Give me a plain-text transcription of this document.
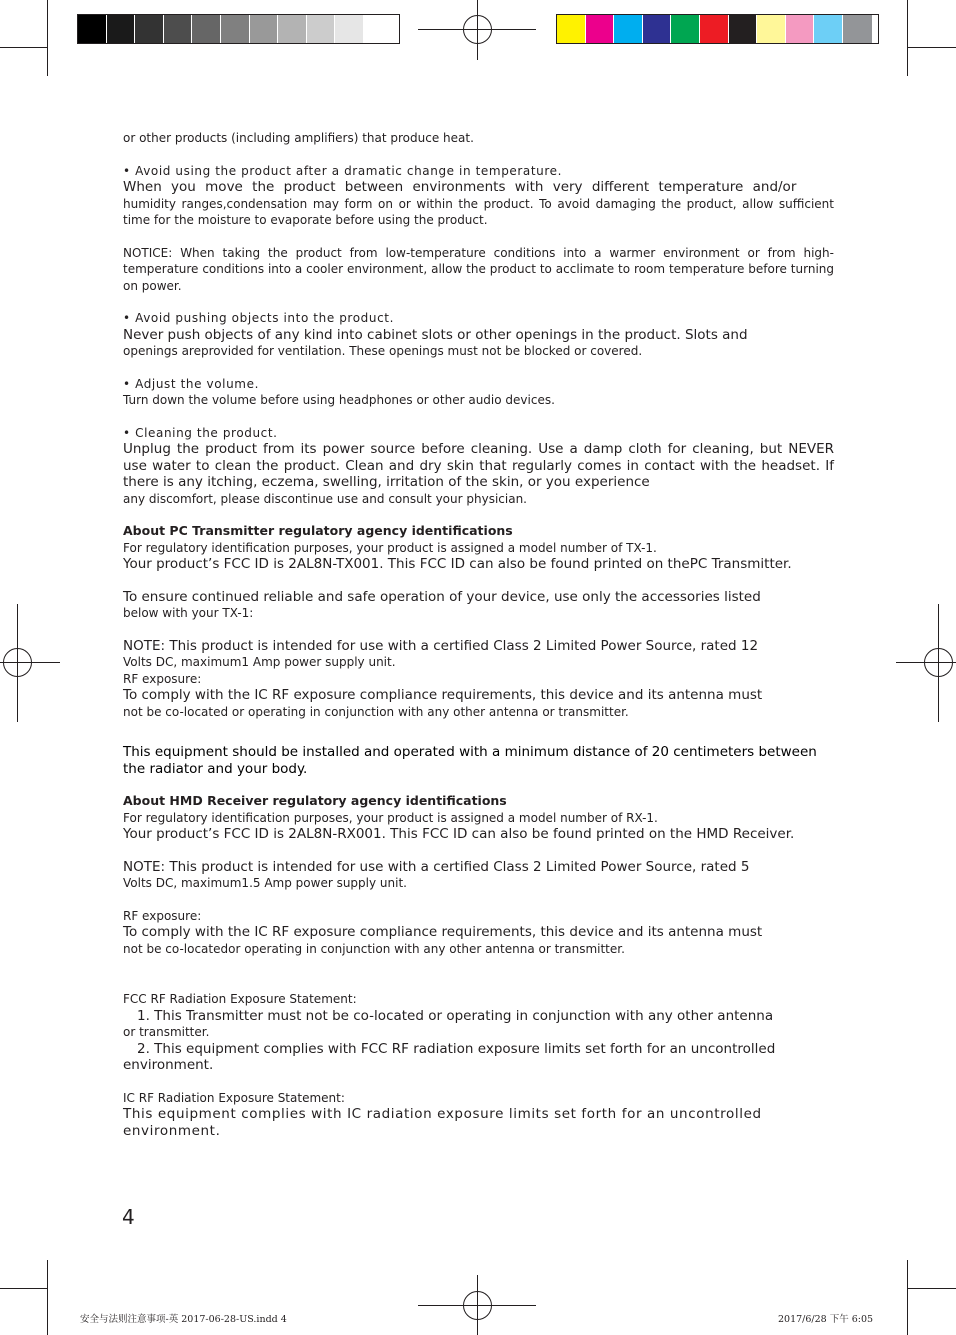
or other products (including amplifiers) that produce heat.

• Avoid using the product after a dramatic change in temperature.

When you move the product between environments with very different temperature and/or

humidity ranges,condensation may form on or within the product. To avoid damaging the product, allow sufficient time for the moisture to evaporate before using the product.

NOTICE: When taking the product from low-temperature conditions into a warmer environment or from high-temperature conditions into a cooler environment, allow the product to acclimate to room temperature before turning on power.

• Avoid pushing objects into the product.

Never push objects of any kind into cabinet slots or other openings in the product. Slots and

openings areprovided for ventilation. These openings must not be blocked or covered.

• Adjust the volume.

Turn down the volume before using headphones or other audio devices.

• Cleaning the product.

Unplug the product from its power source before cleaning. Use a damp cloth for cleaning, but NEVER use water to clean the product. Clean and dry skin that regularly comes in contact with the headset. If there is any itching, eczema, swelling, irritation of the skin, or you experience

any discomfort, please discontinue use and consult your physician.

About PC Transmitter regulatory agency identifications

For regulatory identification purposes, your product is assigned a model number of TX-1.

Your product’s FCC ID is 2AL8N-TX001. This FCC ID can also be found printed on thePC Transmitter.

To ensure continued reliable and safe operation of your device, use only the accessories listed

below with your TX-1:

NOTE: This product is intended for use with a certified Class 2 Limited Power Source, rated 12

Volts DC, maximum1 Amp power supply unit.

RF exposure:

To comply with the IC RF exposure compliance requirements, this device and its antenna must

not be co-located or operating in conjunction with any other antenna or transmitter.

This equipment should be installed and operated with a minimum distance of 20 centimeters between the radiator and your body.

About HMD Receiver regulatory agency identifications

For regulatory identification purposes, your product is assigned a model number of RX-1.

Your product’s FCC ID is 2AL8N-RX001. This FCC ID can also be found printed on the HMD Receiver.

NOTE: This product is intended for use with a certified Class 2 Limited Power Source, rated 5

Volts DC, maximum1.5 Amp power supply unit.

RF exposure:

To comply with the IC RF exposure compliance requirements, this device and its antenna must

not be co-locatedor operating in conjunction with any other antenna or transmitter.

FCC RF Radiation Exposure Statement:

1. This Transmitter must not be co-located or operating in conjunction with any other antenna

or transmitter.

2. This equipment complies with FCC RF radiation exposure limits set forth for an uncontrolled environment.

IC RF Radiation Exposure Statement:

This equipment complies with IC radiation exposure limits set forth for an uncontrolled environment.

4
安全与法则注意事项-英 2017-06-28-US.indd 4	2017/6/28 下午 6:05
